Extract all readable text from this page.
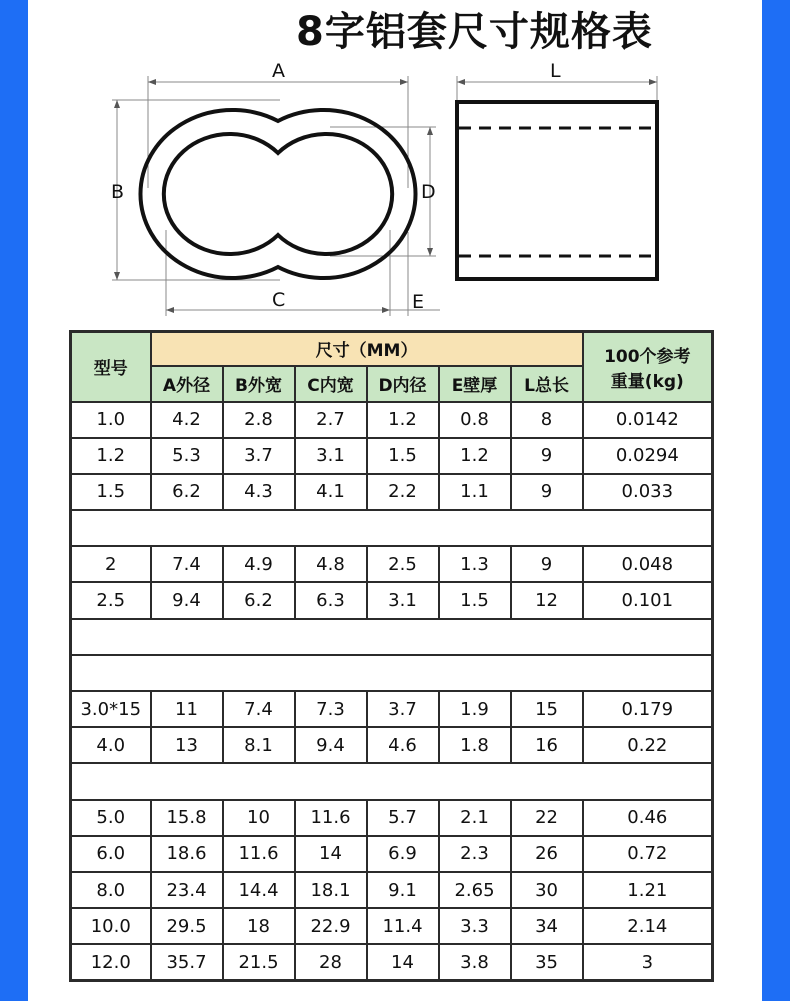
8字铝套尺寸规格表
A
B
C
D
E
L
型号	尺寸（MM）						100个参考
重量(kg)

	A外径	B外宽	C内宽	D内径	E壁厚	L总长	
1.0	4.2	2.8	2.7	1.2	0.8	8	0.0142
1.2	5.3	3.7	3.1	1.5	1.2	9	0.0294
1.5	6.2	4.3	4.1	2.2	1.1	9	0.033

2	7.4	4.9	4.8	2.5	1.3	9	0.048
2.5	9.4	6.2	6.3	3.1	1.5	12	0.101

3.0*15	11	7.4	7.3	3.7	1.9	15	0.179
4.0	13	8.1	9.4	4.6	1.8	16	0.22

5.0	15.8	10	11.6	5.7	2.1	22	0.46
6.0	18.6	11.6	14	6.9	2.3	26	0.72
8.0	23.4	14.4	18.1	9.1	2.65	30	1.21
10.0	29.5	18	22.9	11.4	3.3	34	2.14
12.0	35.7	21.5	28	14	3.8	35	3
